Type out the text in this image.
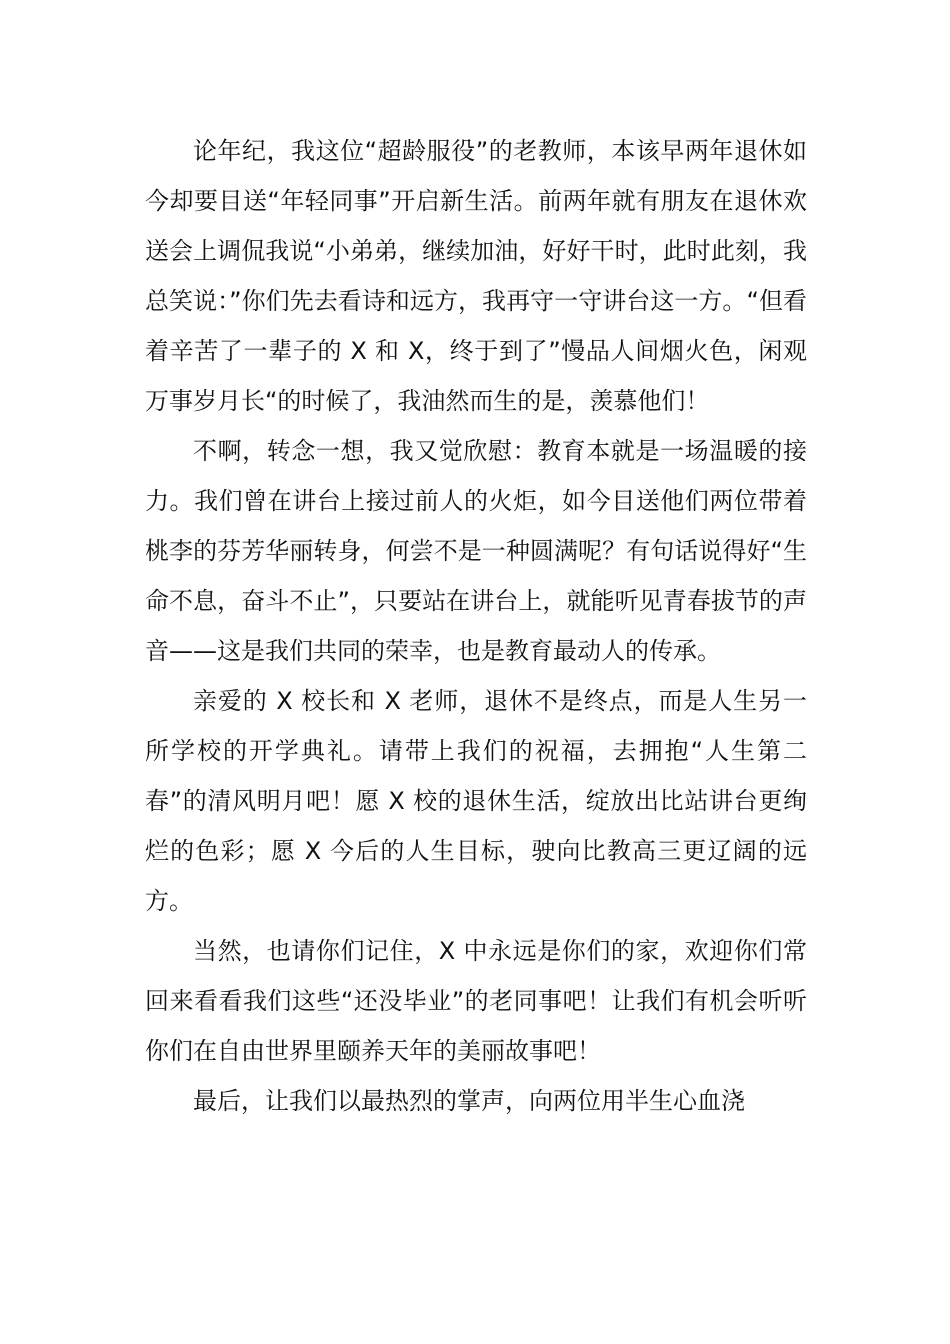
论年纪，我这位“超龄服役”的老教师，本该早两年退休如今却要目送“年轻同事”开启新生活。前两年就有朋友在退休欢送会上调侃我说“小弟弟，继续加油，好好干时，此时此刻，我总笑说：”你们先去看诗和远方，我再守一守讲台这一方。“但看着辛苦了一辈子的 X 和 X，终于到了”慢品人间烟火色，闲观万事岁月长“的时候了，我油然而生的是，羡慕他们！

不啊，转念一想，我又觉欣慰：教育本就是一场温暖的接力。我们曾在讲台上接过前人的火炬，如今目送他们两位带着桃李的芬芳华丽转身，何尝不是一种圆满呢？有句话说得好“生命不息，奋斗不止”，只要站在讲台上，就能听见青春拔节的声音——这是我们共同的荣幸，也是教育最动人的传承。

亲爱的 X 校长和 X 老师，退休不是终点，而是人生另一所学校的开学典礼。请带上我们的祝福，去拥抱“人生第二春”的清风明月吧！愿 X 校的退休生活，绽放出比站讲台更绚烂的色彩；愿 X 今后的人生目标，驶向比教高三更辽阔的远方。

当然，也请你们记住，X 中永远是你们的家，欢迎你们常回来看看我们这些“还没毕业”的老同事吧！让我们有机会听听你们在自由世界里颐养天年的美丽故事吧！

最后，让我们以最热烈的掌声，向两位用半生心血浇
